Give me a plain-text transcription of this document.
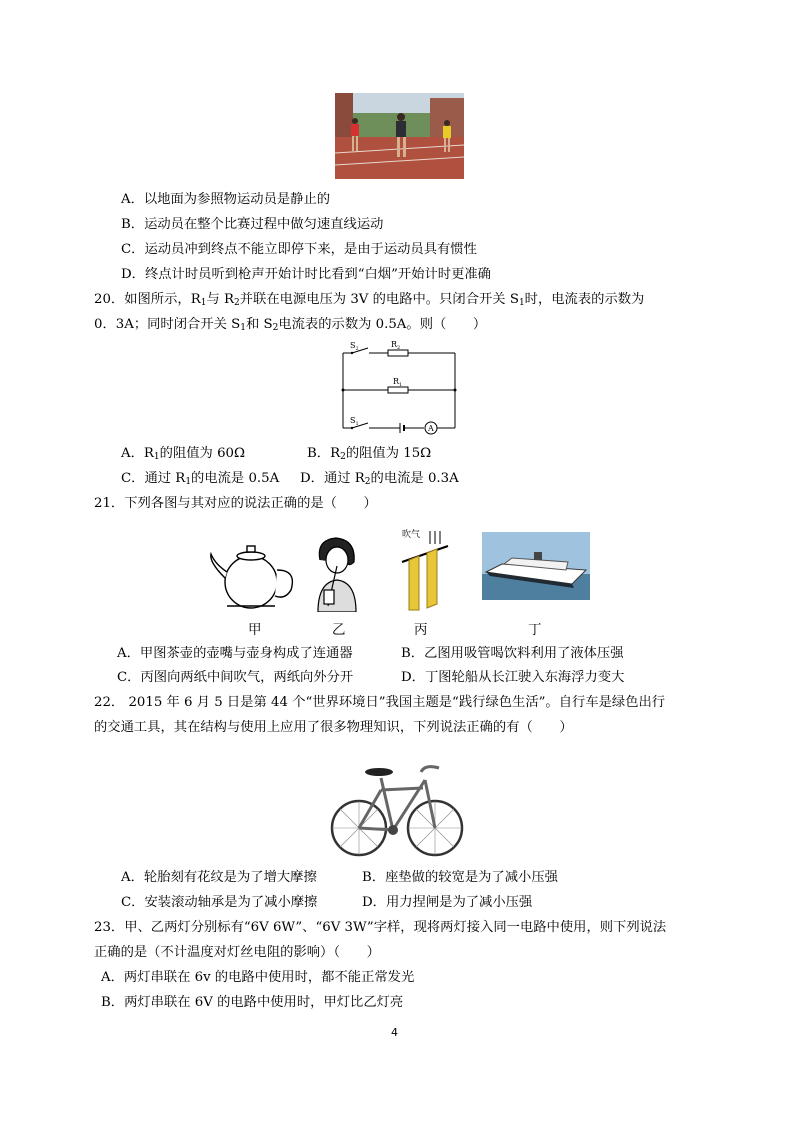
A．以地面为参照物运动员是静止的
B．运动员在整个比赛过程中做匀速直线运动
C．运动员冲到终点不能立即停下来，是由于运动员具有惯性
D．终点计时员听到枪声开始计时比看到“白烟”开始计时更准确
20．如图所示，$R_1$与 $R_2$并联在电源电压为 3V 的电路中。只闭合开关 $S_1$时，电流表的示数为
0．3A；同时闭合开关 $S_1$和 $S_2$电流表的示数为 0.5A。则（　　）
$S_2$	$R_2$
$R_1$
$S_1$	A
A．$R_1$的阻值为 60Ω	B．$R_2$的阻值为 15Ω
C．通过 $R_1$的电流是 0.5A D．通过 $R_2$的电流是 0.3A
21．下列各图与其对应的说法正确的是（　　）
吹气
甲	乙	丙	丁
A．甲图茶壶的壶嘴与壶身构成了连通器	B．乙图用吸管喝饮料利用了液体压强
C．丙图向两纸中间吹气，两纸向外分开	D．丁图轮船从长江驶入东海浮力变大
22． 2015 年 6 月 5 日是第 44 个“世界环境日”我国主题是“践行绿色生活”。自行车是绿色出行
的交通工具，其在结构与使用上应用了很多物理知识，下列说法正确的有（　　）
A．轮胎刻有花纹是为了增大摩擦	B．座垫做的较宽是为了减小压强
C．安装滚动轴承是为了减小摩擦	D．用力捏闸是为了减小压强
23．甲、乙两灯分别标有“6V 6W”、“6V 3W”字样，现将两灯接入同一电路中使用，则下列说法
正确的是（不计温度对灯丝电阻的影响）（　　）
A．两灯串联在 6v 的电路中使用时，都不能正常发光
B．两灯串联在 6V 的电路中使用时，甲灯比乙灯亮
4
